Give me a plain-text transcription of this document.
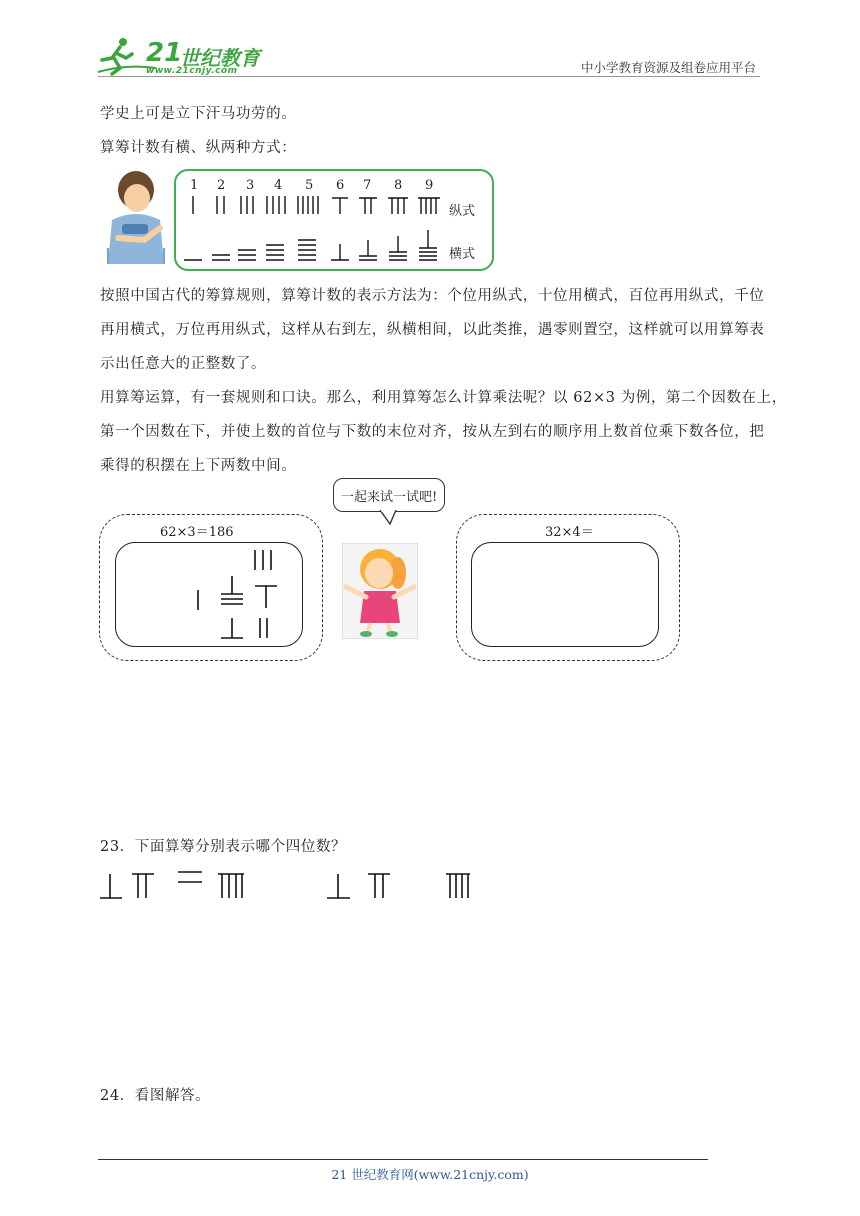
21
世纪教育
www.21cnjy.com	中小学教育资源及组卷应用平台
学史上可是立下汗马功劳的。
算筹计数有横、纵两种方式：
1 2 3 4 5 6 7 8 9
纵式
横式
按照中国古代的筹算规则，算筹计数的表示方法为：个位用纵式，十位用横式，百位再用纵式，千位
再用横式，万位再用纵式，这样从右到左，纵横相间，以此类推，遇零则置空，这样就可以用算筹表
示出任意大的正整数了。
用算筹运算，有一套规则和口诀。那么，利用算筹怎么计算乘法呢？以 62×3 为例，第二个因数在上，
第一个因数在下，并使上数的首位与下数的末位对齐，按从左到右的顺序用上数首位乘下数各位，把
乘得的积摆在上下两数中间。
62×3＝186
一起来试一试吧!
32×4＝
23．下面算筹分别表示哪个四位数？
24．看图解答。
21 世纪教育网(www.21cnjy.com)
